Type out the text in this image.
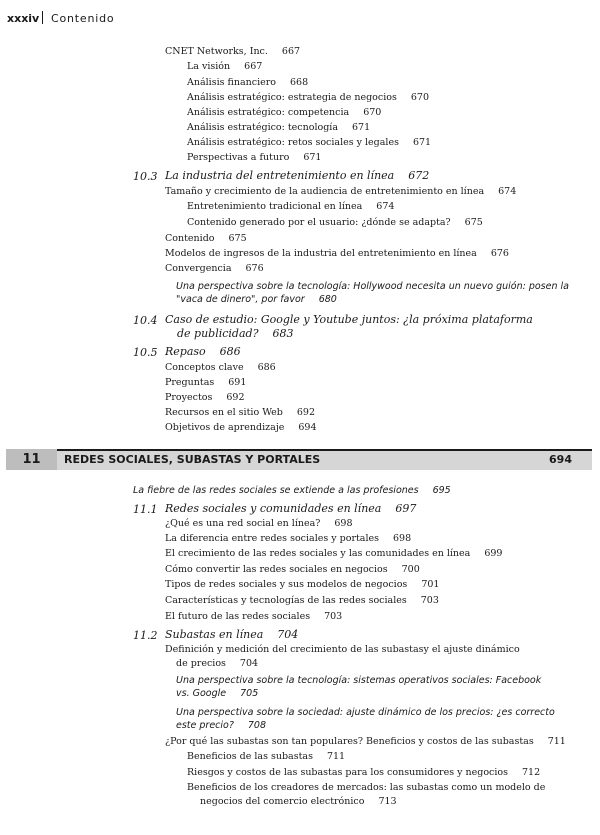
xxxiv Contenido
CNET Networks, Inc. 667
La visión 667
Análisis financiero 668
Análisis estratégico: estrategia de negocios 670
Análisis estratégico: competencia 670
Análisis estratégico: tecnología 671
Análisis estratégico: retos sociales y legales 671
Perspectivas a futuro 671
10.3 La industria del entretenimiento en línea 672
Tamaño y crecimiento de la audiencia de entretenimiento en línea 674
Entretenimiento tradicional en línea 674
Contenido generado por el usuario: ¿dónde se adapta? 675
Contenido 675
Modelos de ingresos de la industria del entretenimiento en línea 676
Convergencia 676
Una perspectiva sobre la tecnología: Hollywood necesita un nuevo guión: posen la "vaca de dinero", por favor 680
10.4 Caso de estudio: Google y Youtube juntos: ¿la próxima plataforma
de publicidad? 683
10.5 Repaso 686
Conceptos clave 686
Preguntas 691
Proyectos 692
Recursos en el sitio Web 692
Objetivos de aprendizaje 694
11	REDES SOCIALES, SUBASTAS Y PORTALES	694
La fiebre de las redes sociales se extiende a las profesiones 695
11.1 Redes sociales y comunidades en línea 697
¿Qué es una red social en línea? 698
La diferencia entre redes sociales y portales 698
El crecimiento de las redes sociales y las comunidades en línea 699
Cómo convertir las redes sociales en negocios 700
Tipos de redes sociales y sus modelos de negocios 701
Características y tecnologías de las redes sociales 703
El futuro de las redes sociales 703
11.2 Subastas en línea 704
Definición y medición del crecimiento de las subastasy el ajuste dinámico
de precios 704
Una perspectiva sobre la tecnología: sistemas operativos sociales: Facebook vs. Google 705
Una perspectiva sobre la sociedad: ajuste dinámico de los precios: ¿es correcto este precio? 708
¿Por qué las subastas son tan populares? Beneficios y costos de las subastas 711
Beneficios de las subastas 711
Riesgos y costos de las subastas para los consumidores y negocios 712
Beneficios de los creadores de mercados: las subastas como un modelo de
negocios del comercio electrónico 713
